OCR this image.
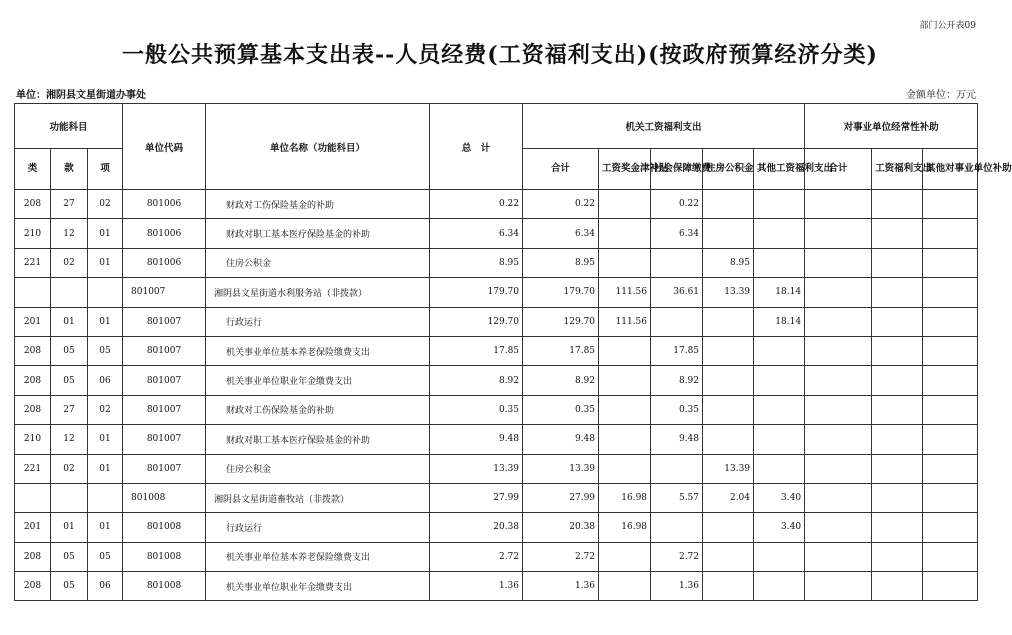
部门公开表09
一般公共预算基本支出表--人员经费(工资福利支出)(按政府预算经济分类)
单位：湘阴县文星街道办事处	金额单位：万元
功能科目			单位代码	单位名称（功能科目）	总　计	机关工资福利支出					对事业单位经常性补助		
类	款	项				合计	工资奖金津补贴	社会保障缴费	住房公积金	其他工资福利支出	合计	工资福利支出	其他对事业单位补助
208	27	02	801006	财政对工伤保险基金的补助	0.22	0.22		0.22					
210	12	01	801006	财政对职工基本医疗保险基金的补助	6.34	6.34		6.34					
221	02	01	801006	住房公积金	8.95	8.95			8.95				
			801007	湘阴县文星街道水利服务站（非拨款）	179.70	179.70	111.56	36.61	13.39	18.14			
201	01	01	801007	行政运行	129.70	129.70	111.56			18.14			
208	05	05	801007	机关事业单位基本养老保险缴费支出	17.85	17.85		17.85					
208	05	06	801007	机关事业单位职业年金缴费支出	8.92	8.92		8.92					
208	27	02	801007	财政对工伤保险基金的补助	0.35	0.35		0.35					
210	12	01	801007	财政对职工基本医疗保险基金的补助	9.48	9.48		9.48					
221	02	01	801007	住房公积金	13.39	13.39			13.39				
			801008	湘阴县文星街道畜牧站（非拨款）	27.99	27.99	16.98	5.57	2.04	3.40			
201	01	01	801008	行政运行	20.38	20.38	16.98			3.40			
208	05	05	801008	机关事业单位基本养老保险缴费支出	2.72	2.72		2.72					
208	05	06	801008	机关事业单位职业年金缴费支出	1.36	1.36		1.36					
